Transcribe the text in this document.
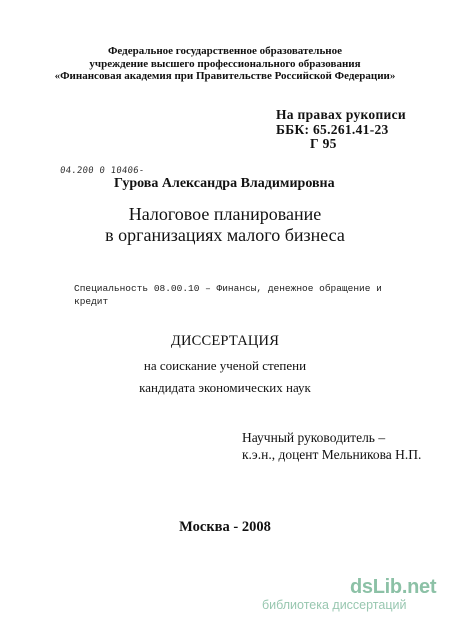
Федеральное государственное образовательное
учреждение высшего профессионального образования
«Финансовая академия при Правительстве Российской Федерации»
На правах рукописи
ББК: 65.261.41-23
Г 95
04.200 0 10406-
Гурова Александра Владимировна
Налоговое планирование
в организациях малого бизнеса
Специальность 08.00.10 – Финансы, денежное обращение и
кредит
ДИССЕРТАЦИЯ
на соискание ученой степени
кандидата экономических наук
Научный руководитель –
к.э.н., доцент Мельникова Н.П.
Москва - 2008
dsLib.net
библиотека диссертаций
